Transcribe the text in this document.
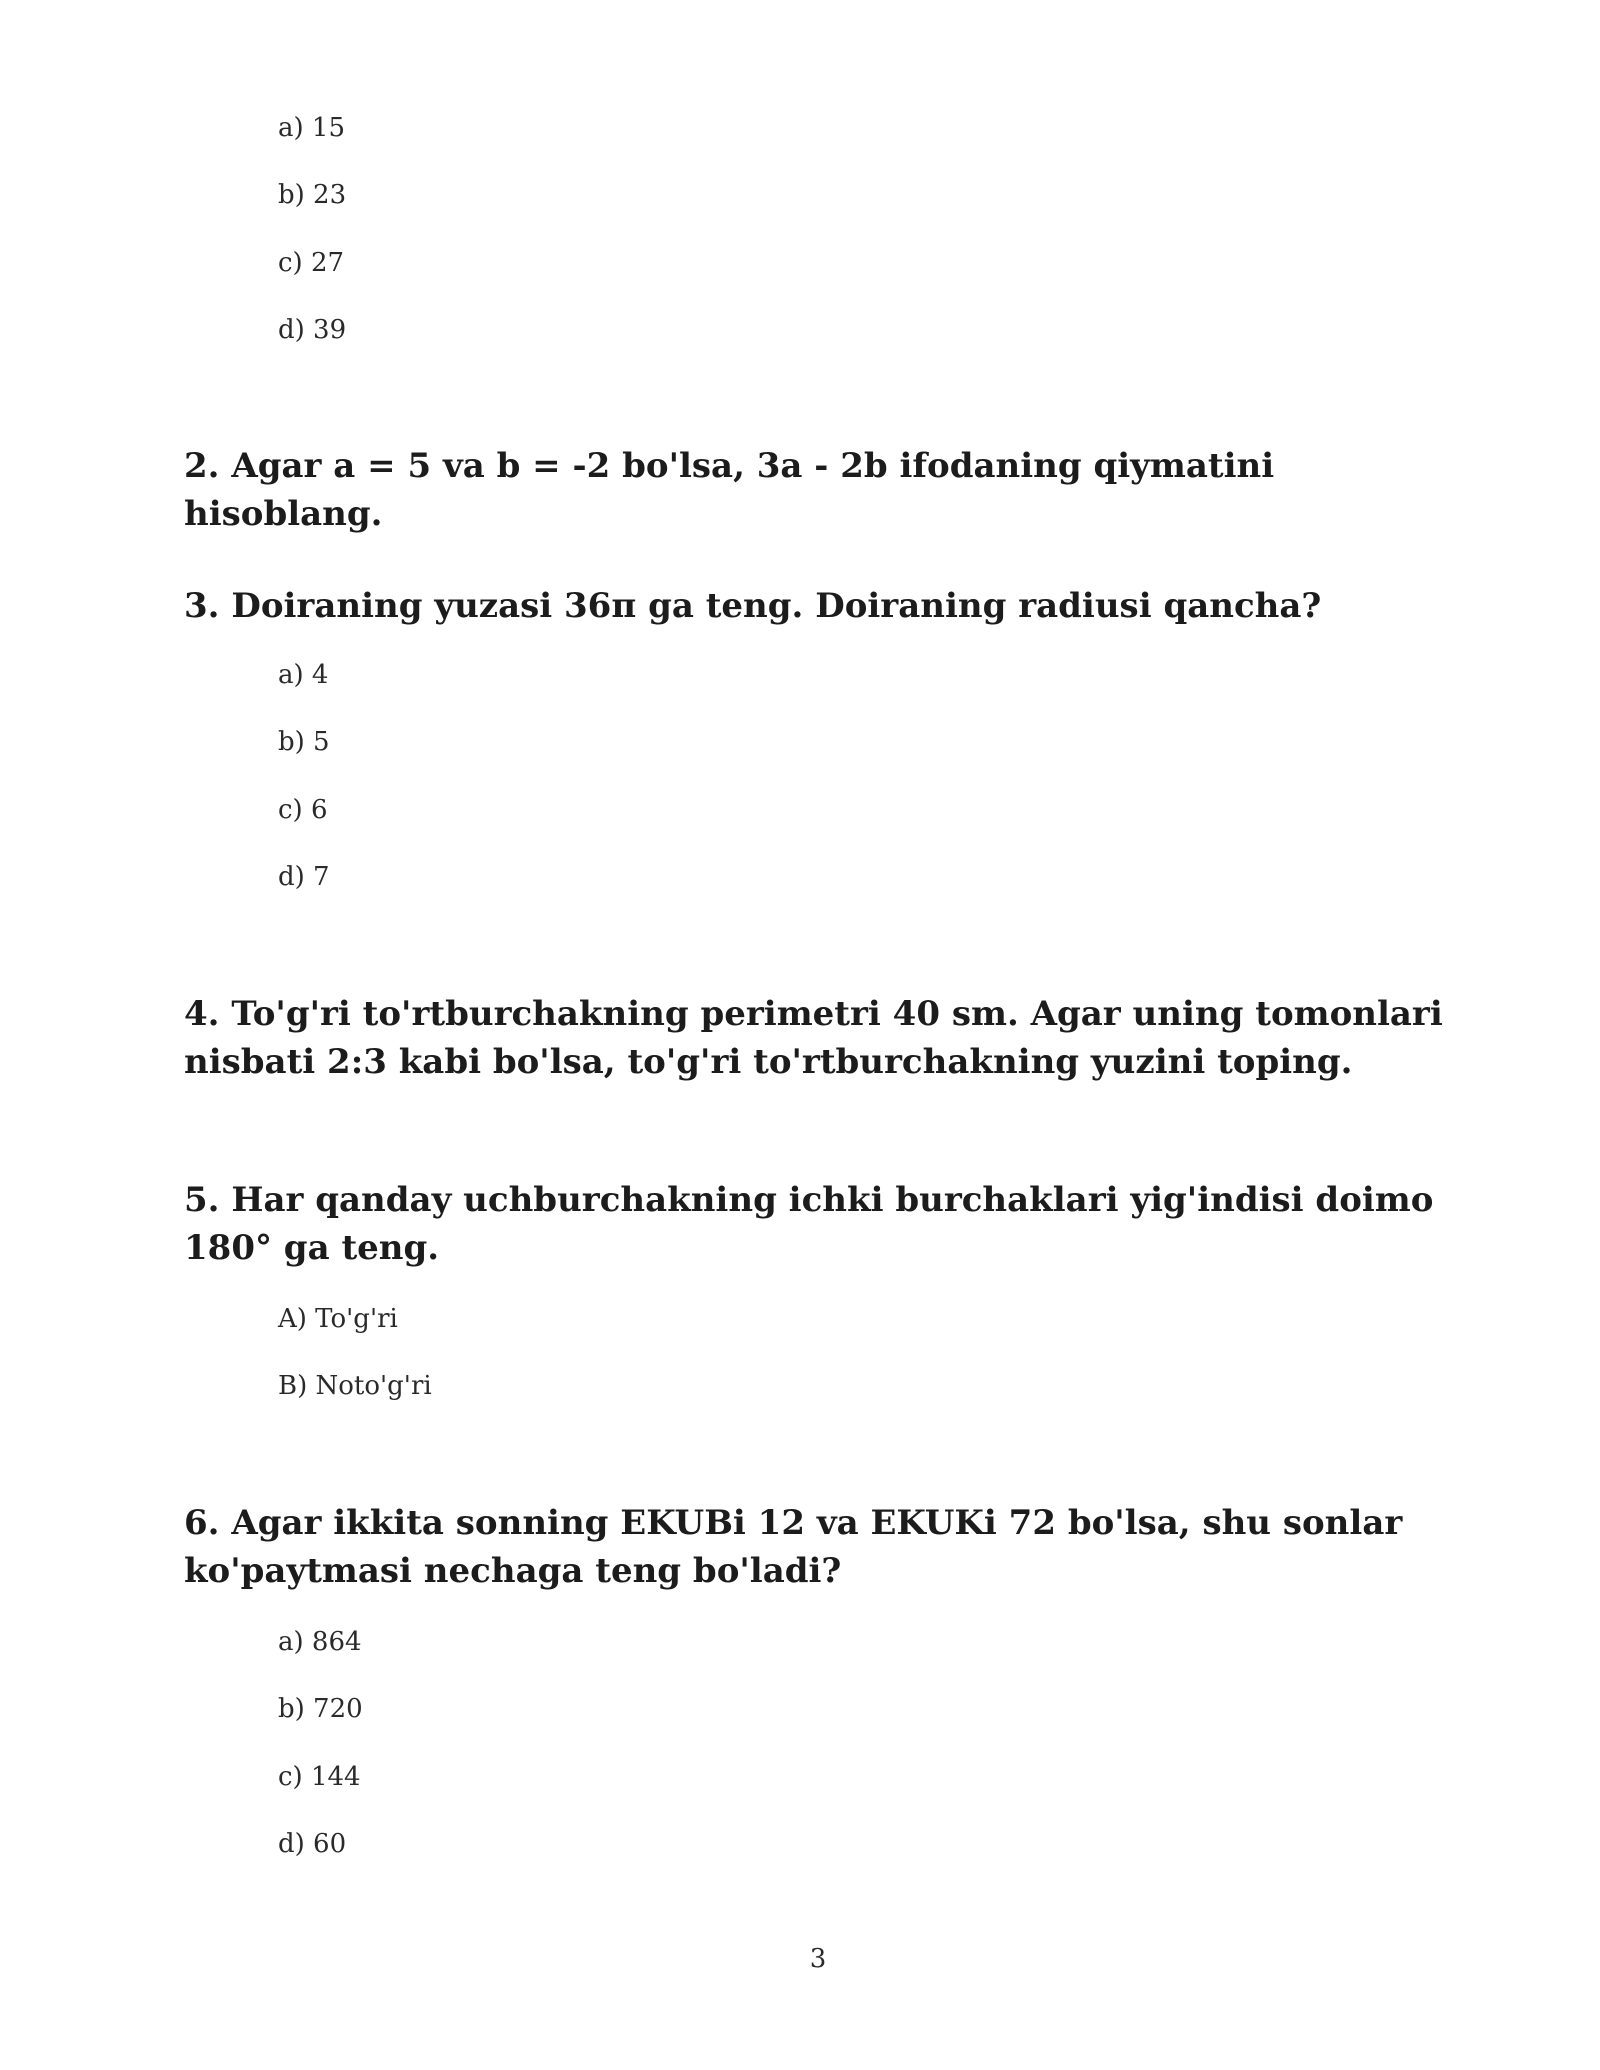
a) 15
b) 23
c) 27
d) 39
2. Agar a = 5 va b = -2 bo'lsa, 3a - 2b ifodaning qiymatini hisoblang.
3. Doiraning yuzasi 36π ga teng. Doiraning radiusi qancha?
a) 4
b) 5
c) 6
d) 7
4. To'g'ri to'rtburchakning perimetri 40 sm. Agar uning tomonlari nisbati 2:3 kabi bo'lsa, to'g'ri to'rtburchakning yuzini toping.
5. Har qanday uchburchakning ichki burchaklari yig'indisi doimo 180° ga teng.
A) To'g'ri
B) Noto'g'ri
6. Agar ikkita sonning EKUBi 12 va EKUKi 72 bo'lsa, shu sonlar ko'paytmasi nechaga teng bo'ladi?
a) 864
b) 720
c) 144
d) 60
3
